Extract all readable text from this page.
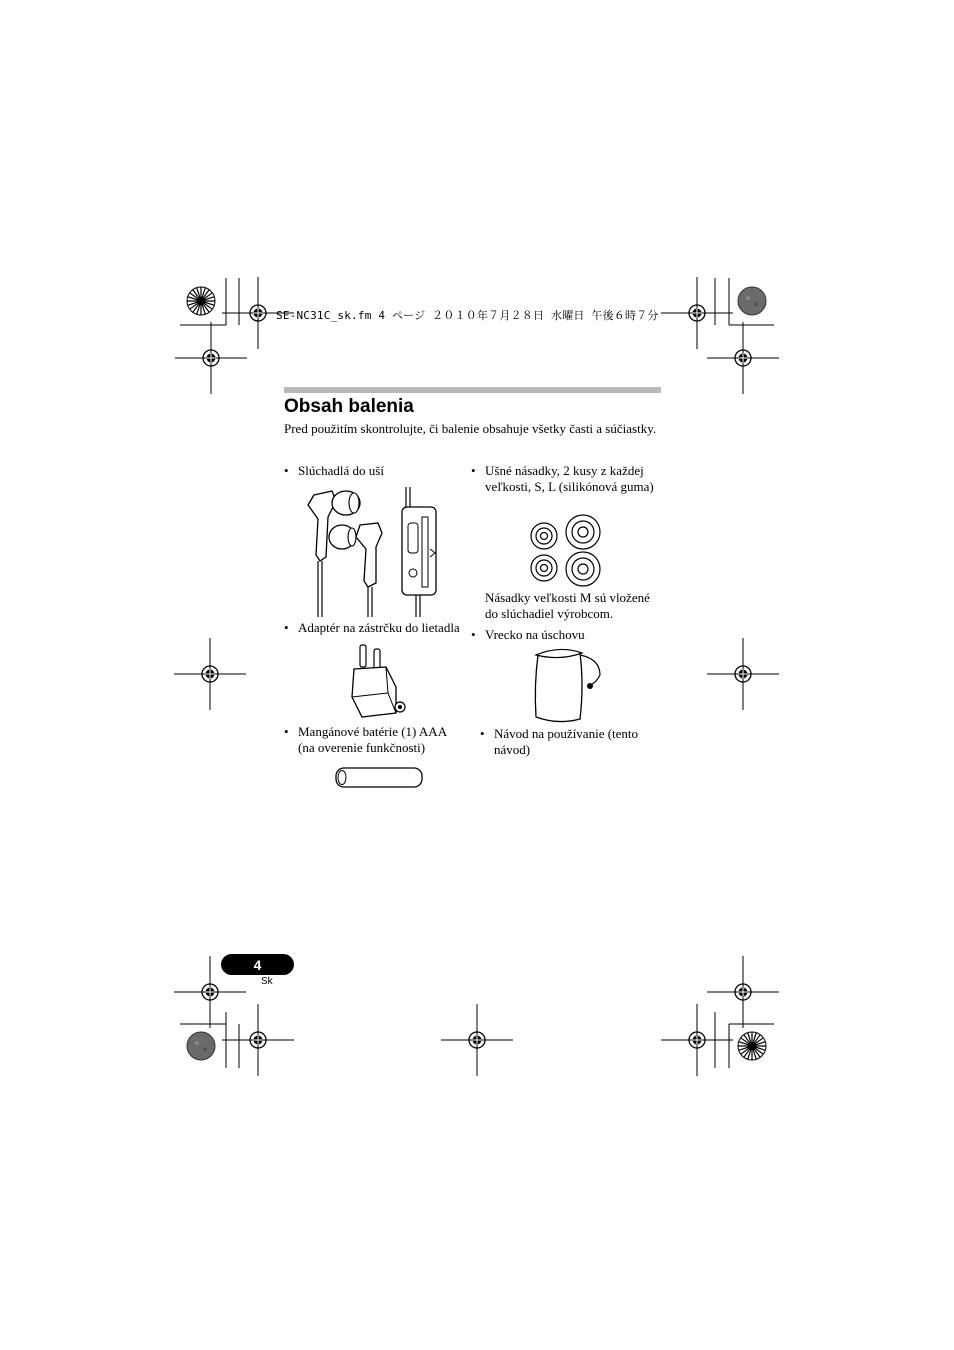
SE-NC31C_sk.fm 4 ページ ２０１０年７月２８日 水曜日 午後６時７分
Obsah balenia
Pred použitím skontrolujte, či balenie obsahuje všetky časti a súčiastky.
• Slúchadlá do uší
• Adaptér na zástrčku do lietadla
• Mangánové batérie (1) AAA (na overenie funkčnosti)
• Ušné násadky, 2 kusy z každej veľkosti, S, L (silikónová guma)
Násadky veľkosti M sú vložené do slúchadiel výrobcom.
• Vrecko na úschovu
• Návod na používanie (tento návod)
4
Sk
